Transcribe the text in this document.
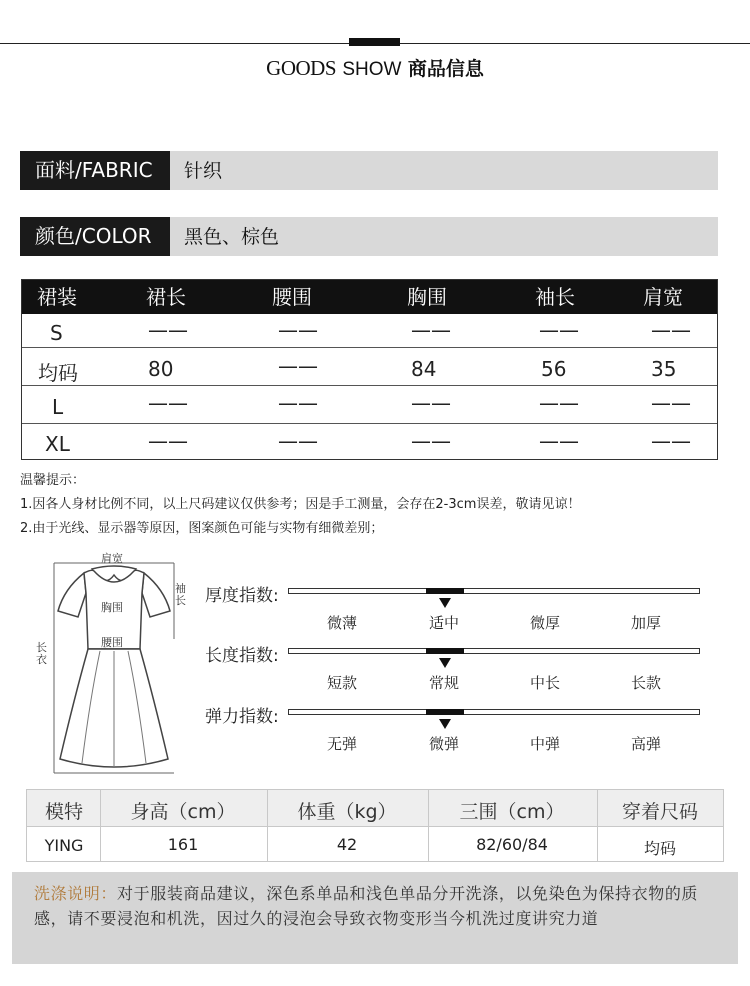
GOODS SHOW 商品信息
面料/FABRIC	针织
颜色/COLOR	黑色、棕色
裙装	裙长	腰围	胸围	袖长	肩宽
S	——	——	——	——	——
均码	80	——	84	56	35
L	——	——	——	——	——
XL	——	——	——	——	——
温馨提示：
1.因各人身材比例不同，以上尺码建议仅供参考；因是手工测量，会存在2-3cm误差，敬请见谅！
2.由于光线、显示器等原因，图案颜色可能与实物有细微差别；
肩宽
袖长
胸围
腰围
长衣
厚度指数:
微薄	适中	微厚	加厚
长度指数:
短款	常规	中长	长款
弹力指数:
无弹	微弹	中弹	高弹
模特	身高（cm）	体重（kg）	三围（cm）	穿着尺码
YING	161	42	82/60/84	均码
洗涤说明：对于服装商品建议，深色系单品和浅色单品分开洗涤，以免染色为保持衣物的质感，请不要浸泡和机洗，因过久的浸泡会导致衣物变形当今机洗过度讲究力道
